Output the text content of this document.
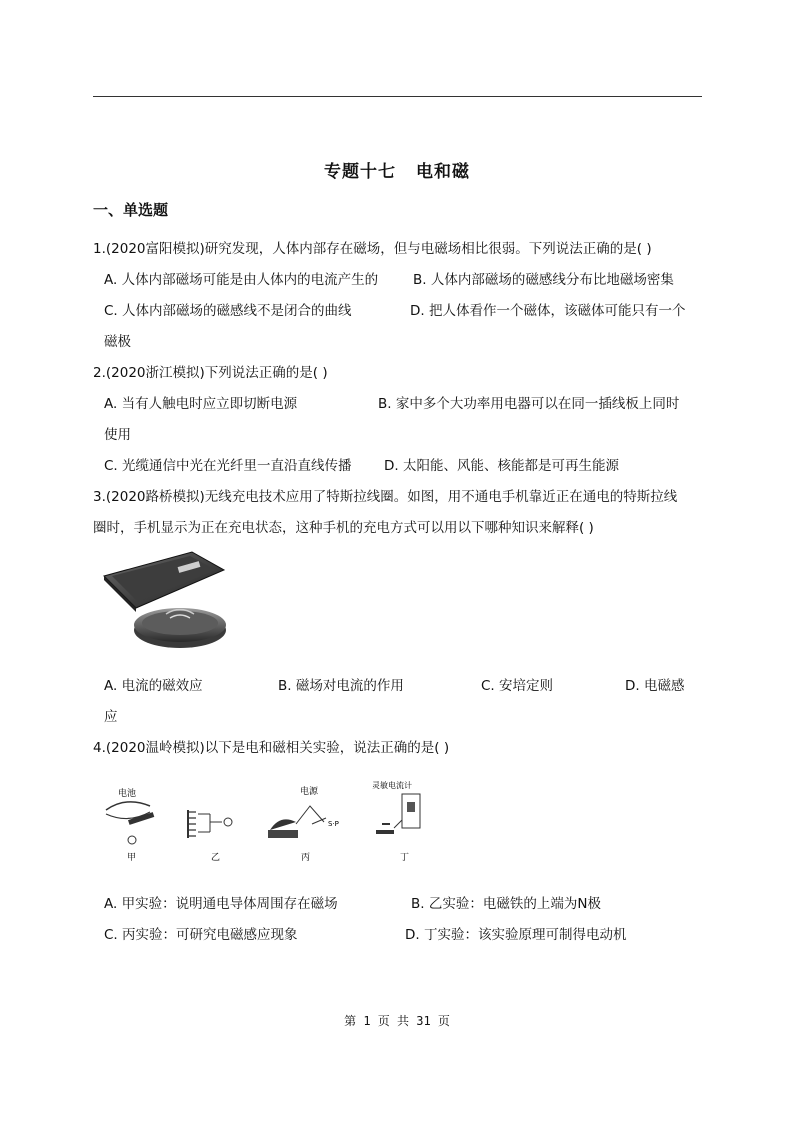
专题十七 电和磁
一、单选题
1.(2020富阳模拟)研究发现，人体内部存在磁场，但与电磁场相比很弱。下列说法正确的是( )
A. 人体内部磁场可能是由人体内的电流产生的	B. 人体内部磁场的磁感线分布比地磁场密集
C. 人体内部磁场的磁感线不是闭合的曲线	D. 把人体看作一个磁体，该磁体可能只有一个
磁极
2.(2020浙江模拟)下列说法正确的是( )
A. 当有人触电时应立即切断电源	B. 家中多个大功率用电器可以在同一插线板上同时
使用
C. 光缆通信中光在光纤里一直沿直线传播 D. 太阳能、风能、核能都是可再生能源
3.(2020路桥模拟)无线充电技术应用了特斯拉线圈。如图，用不通电手机靠近正在通电的特斯拉线
圈时，手机显示为正在充电状态，这种手机的充电方式可以用以下哪种知识来解释( )
A. 电流的磁效应	B. 磁场对电流的作用	C. 安培定则	D. 电磁感
应
4.(2020温岭模拟)以下是电和磁相关实验，说法正确的是( )
电池
甲	乙
电源
S·P
丙
灵敏电流计
丁
A. 甲实验：说明通电导体周围存在磁场	B. 乙实验：电磁铁的上端为N极
C. 丙实验：可研究电磁感应现象	D. 丁实验：该实验原理可制得电动机
第 1 页 共 31 页
